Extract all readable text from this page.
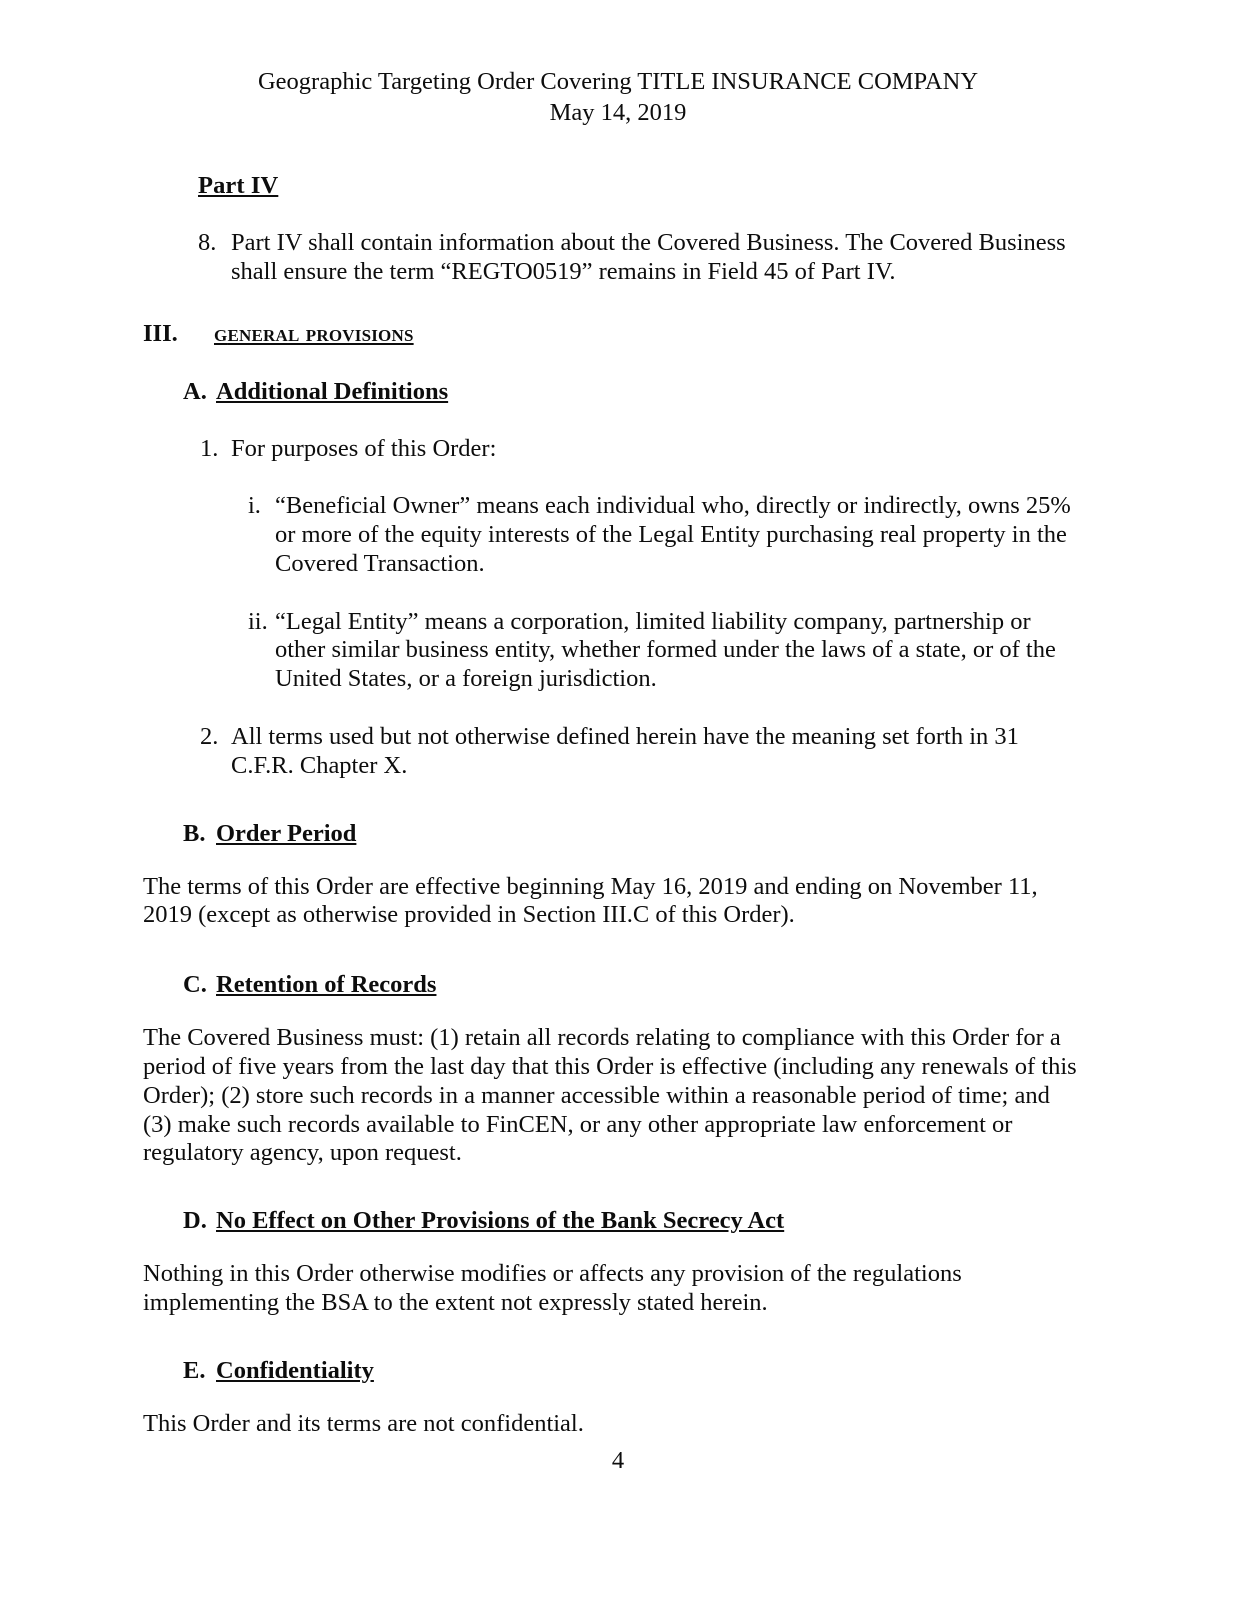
Geographic Targeting Order Covering TITLE INSURANCE COMPANY
May 14, 2019
Part IV
8. Part IV shall contain information about the Covered Business. The Covered Business shall ensure the term “REGTO0519” remains in Field 45 of Part IV.
III.	general provisions
A. Additional Definitions
1. For purposes of this Order:
i. “Beneficial Owner” means each individual who, directly or indirectly, owns 25% or more of the equity interests of the Legal Entity purchasing real property in the Covered Transaction.
ii. “Legal Entity” means a corporation, limited liability company, partnership or other similar business entity, whether formed under the laws of a state, or of the United States, or a foreign jurisdiction.
2. All terms used but not otherwise defined herein have the meaning set forth in 31 C.F.R. Chapter X.
B. Order Period

The terms of this Order are effective beginning May 16, 2019 and ending on November 11, 2019 (except as otherwise provided in Section III.C of this Order).

C. Retention of Records

The Covered Business must: (1) retain all records relating to compliance with this Order for a period of five years from the last day that this Order is effective (including any renewals of this Order); (2) store such records in a manner accessible within a reasonable period of time; and (3) make such records available to FinCEN, or any other appropriate law enforcement or regulatory agency, upon request.

D. No Effect on Other Provisions of the Bank Secrecy Act

Nothing in this Order otherwise modifies or affects any provision of the regulations implementing the BSA to the extent not expressly stated herein.

E. Confidentiality

This Order and its terms are not confidential.

4
